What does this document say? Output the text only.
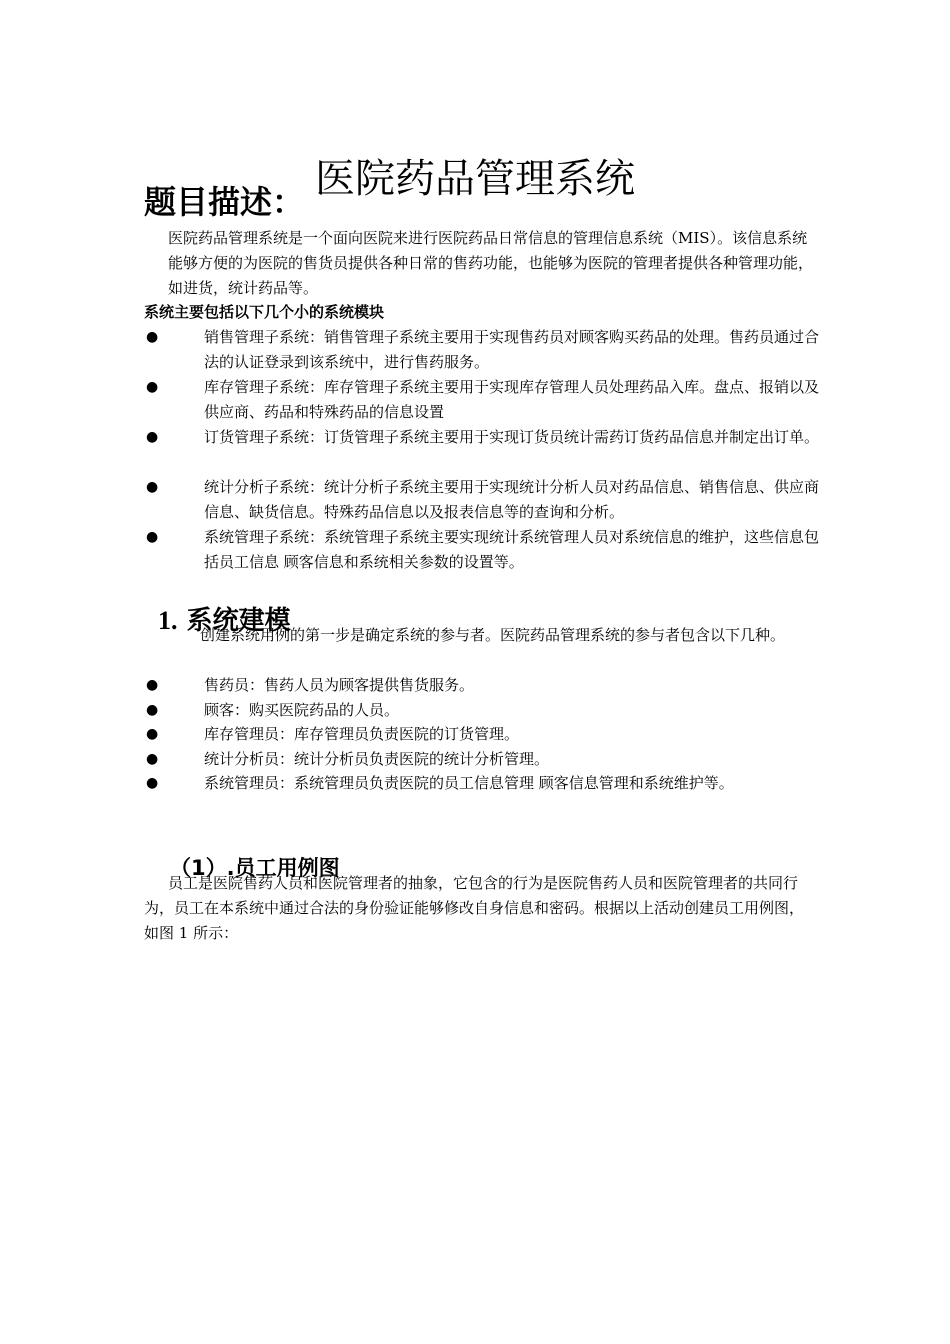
医院药品管理系统
题目描述：
医院药品管理系统是一个面向医院来进行医院药品日常信息的管理信息系统（MIS）。该信息系统能够方便的为医院的售货员提供各种日常的售药功能，也能够为医院的管理者提供各种管理功能，如进货，统计药品等。
系统主要包括以下几个小的系统模块
●	销售管理子系统：销售管理子系统主要用于实现售药员对顾客购买药品的处理。售药员通过合法的认证登录到该系统中，进行售药服务。
●	库存管理子系统：库存管理子系统主要用于实现库存管理人员处理药品入库。盘点、报销以及供应商、药品和特殊药品的信息设置
●	订货管理子系统：订货管理子系统主要用于实现订货员统计需药订货药品信息并制定出订单。
●	统计分析子系统：统计分析子系统主要用于实现统计分析人员对药品信息、销售信息、供应商信息、缺货信息。特殊药品信息以及报表信息等的查询和分析。
●	系统管理子系统：系统管理子系统主要实现统计系统管理人员对系统信息的维护，这些信息包括员工信息 顾客信息和系统相关参数的设置等。
1. 系统建模
创建系统用例的第一步是确定系统的参与者。医院药品管理系统的参与者包含以下几种。
●	售药员：售药人员为顾客提供售货服务。
●	顾客：购买医院药品的人员。
●	库存管理员：库存管理员负责医院的订货管理。
●	统计分析员：统计分析员负责医院的统计分析管理。
●	系统管理员：系统管理员负责医院的员工信息管理 顾客信息管理和系统维护等。
（1）.员工用例图
员工是医院售药人员和医院管理者的抽象，它包含的行为是医院售药人员和医院管理者的共同行为，员工在本系统中通过合法的身份验证能够修改自身信息和密码。根据以上活动创建员工用例图，如图 1 所示：
